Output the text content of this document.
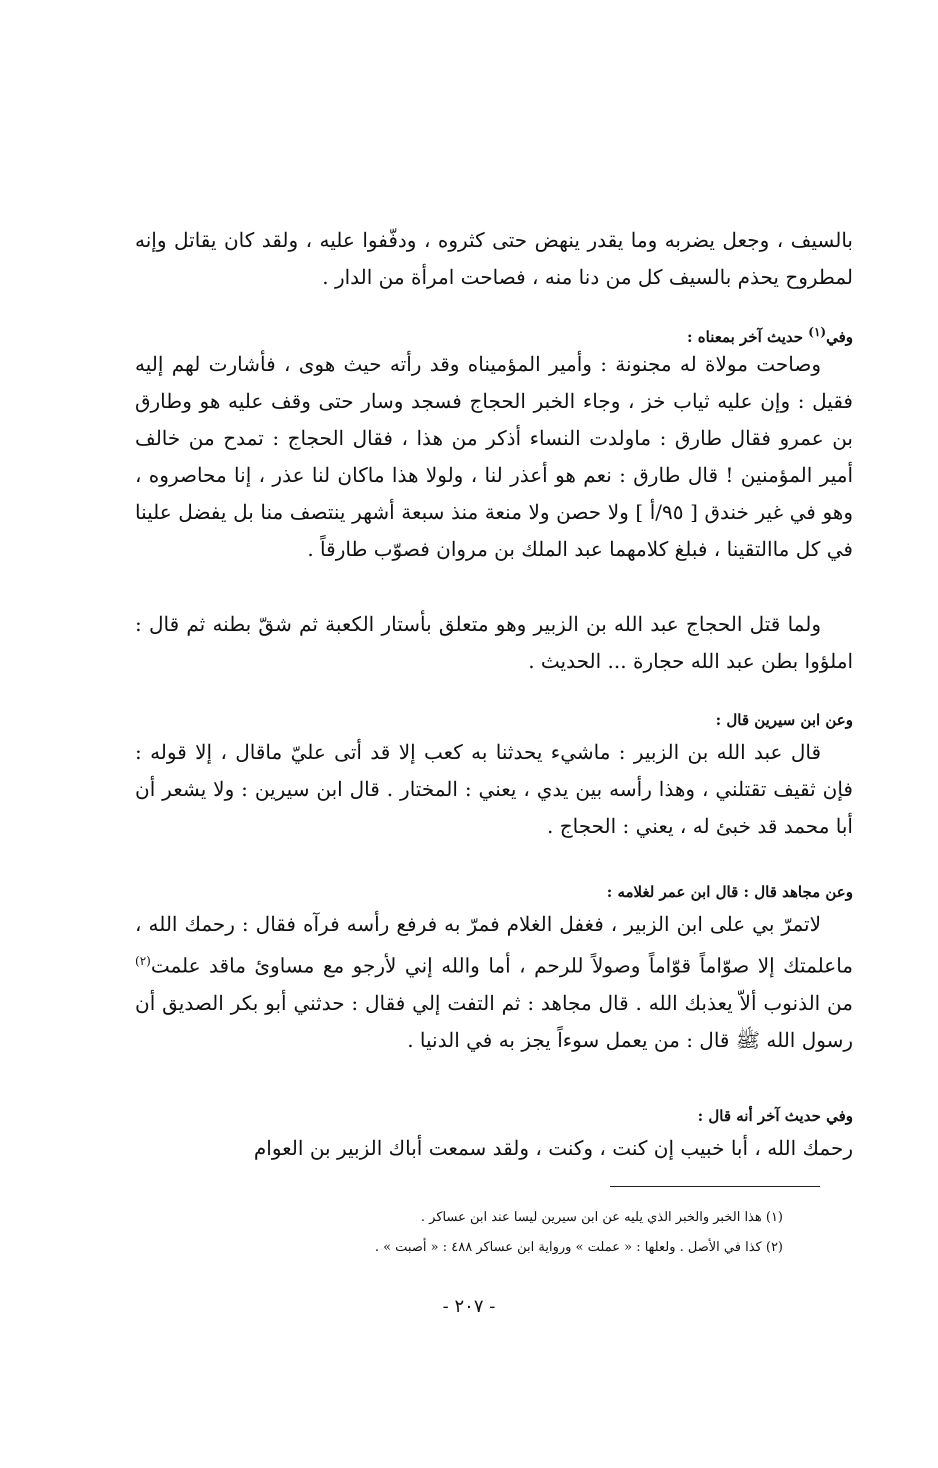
بالسيف ، وجعل يضربه وما يقدر ينهض حتى كثروه ، ودفّفوا عليه ، ولقد كان يقاتل وإنه لمطروح يحذم بالسيف كل من دنا منه ، فصاحت امرأة من الدار .

وفي$^{(١)}$ حديث آخر بمعناه :

وصاحت مولاة له مجنونة : وأمير المؤميناه وقد رأته حيث هوى ، فأشارت لهم إليه فقيل : وإن عليه ثياب خز ، وجاء الخبر الحجاج فسجد وسار حتى وقف عليه هو وطارق بن عمرو فقال طارق : ماولدت النساء أذكر من هذا ، فقال الحجاج : تمدح من خالف أمير المؤمنين ! قال طارق : نعم هو أعذر لنا ، ولولا هذا ماكان لنا عذر ، إنا محاصروه ، وهو في غير خندق [ ٩٥/أ ] ولا حصن ولا منعة منذ سبعة أشهر ينتصف منا بل يفضل علينا في كل ماالتقينا ، فبلغ كلامهما عبد الملك بن مروان فصوّب طارقاً .

ولما قتل الحجاج عبد الله بن الزبير وهو متعلق بأستار الكعبة ثم شقّ بطنه ثم قال : املؤوا بطن عبد الله حجارة ... الحديث .

وعن ابن سيرين قال :

قال عبد الله بن الزبير : ماشيء يحدثنا به كعب إلا قد أتى عليّ ماقال ، إلا قوله : فإن ثقيف تقتلني ، وهذا رأسه بين يدي ، يعني : المختار . قال ابن سيرين : ولا يشعر أن أبا محمد قد خبئ له ، يعني : الحجاج .

وعن مجاهد قال : قال ابن عمر لغلامه :

لاتمرّ بي على ابن الزبير ، فغفل الغلام فمرّ به فرفع رأسه فرآه فقال : رحمك الله ، ماعلمتك إلا صوّاماً قوّاماً وصولاً للرحم ، أما والله إني لأرجو مع مساوئ ماقد علمت$^{(٢)}$ من الذنوب ألاّ يعذبك الله . قال مجاهد : ثم التفت إلي فقال : حدثني أبو بكر الصديق أن رسول الله ﷺ قال : من يعمل سوءاً يجز به في الدنيا .

وفي حديث آخر أنه قال :

رحمك الله ، أبا خبيب إن كنت ، وكنت ، ولقد سمعت أباك الزبير بن العوام

(١) هذا الخبر والخبر الذي يليه عن ابن سيرين ليسا عند ابن عساكر .
(٢) كذا في الأصل . ولعلها : « عملت » ورواية ابن عساكر ٤٨٨ : « أصبت » .
- ٢٠٧ -
